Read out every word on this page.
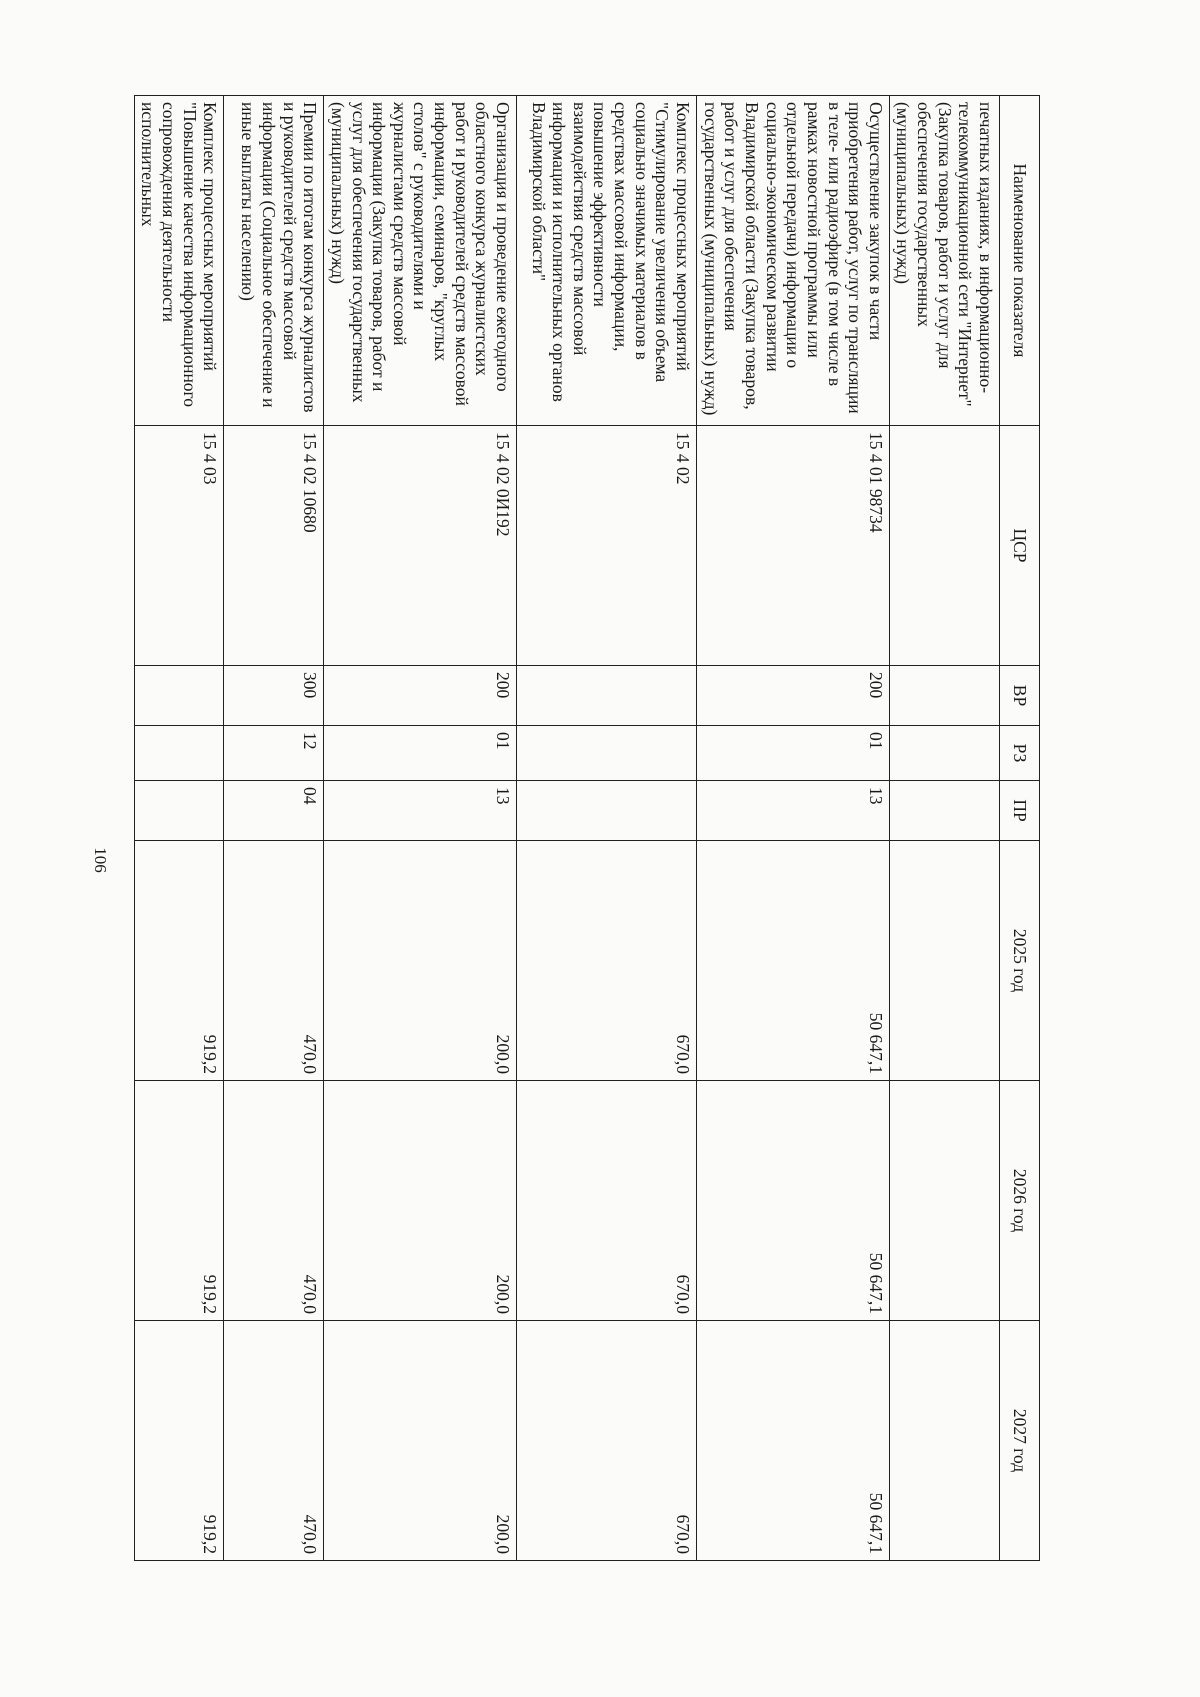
106
Наименование показателя	ЦСР	ВР	РЗ	ПР	2025 год	2026 год	2027 год
печатных изданиях, в информационно-телекоммуникационной сети "Интернет" (Закупка товаров, работ и услуг для обеспечения государственных (муниципальных) нужд)							
Осуществление закупок в части приобретения работ, услуг по трансляции в теле- или радиоэфире (в том числе в рамках новостной программы или отдельной передачи) информации о социально-экономическом развитии Владимирской области (Закупка товаров, работ и услуг для обеспечения государственных (муниципальных) нужд)	15 4 01 98734	200	01	13	50 647,1	50 647,1	50 647,1
Комплекс процессных мероприятий "Стимулирование увеличения объема социально значимых материалов в средствах массовой информации, повышение эффективности взаимодействия средств массовой информации и исполнительных органов Владимирской области"	15 4 02				670,0	670,0	670,0
Организация и проведение ежегодного областного конкурса журналистских работ и руководителей средств массовой информации, семинаров, "круглых столов" с руководителями и журналистами средств массовой информации (Закупка товаров, работ и услуг для обеспечения государственных (муниципальных) нужд)	15 4 02 0И192	200	01	13	200,0	200,0	200,0
Премии по итогам конкурса журналистов и руководителей средств массовой информации (Социальное обеспечение и иные выплаты населению)	15 4 02 10680	300	12	04	470,0	470,0	470,0
Комплекс процессных мероприятий "Повышение качества информационного сопровождения деятельности исполнительных	15 4 03				919,2	919,2	919,2
